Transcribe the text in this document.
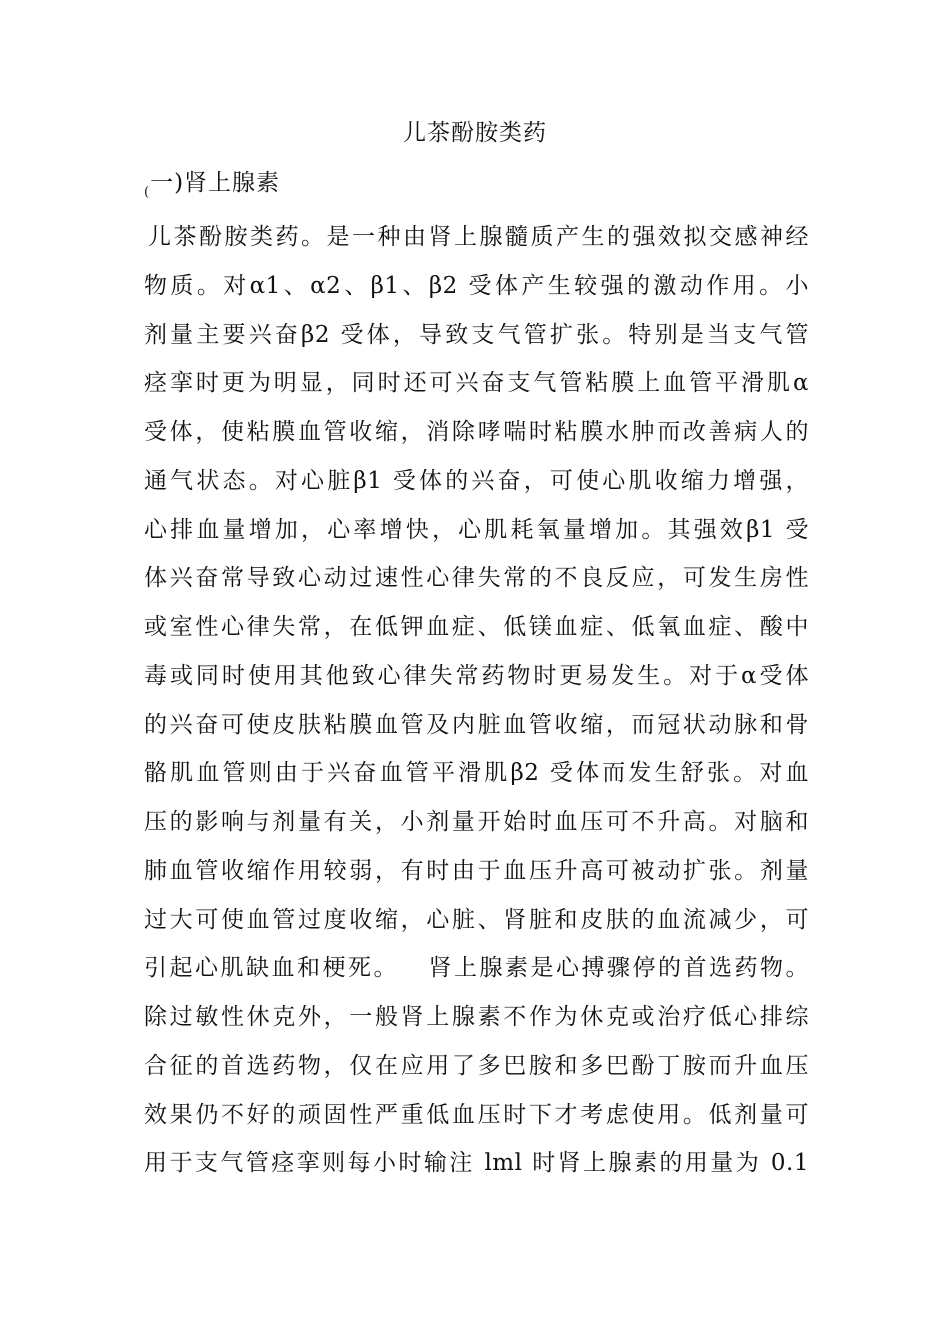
儿茶酚胺类药
$_($一)肾上腺素
儿茶酚胺类药。是一种由肾上腺髓质产生的强效拟交感神经
物质。对α1、α2、β1、β2 受体产生较强的激动作用。小
剂量主要兴奋β2 受体，导致支气管扩张。特别是当支气管
痉挛时更为明显，同时还可兴奋支气管粘膜上血管平滑肌α
受体，使粘膜血管收缩，消除哮喘时粘膜水肿而改善病人的
通气状态。对心脏β1 受体的兴奋，可使心肌收缩力增强，
心排血量增加，心率增快，心肌耗氧量增加。其强效β1 受
体兴奋常导致心动过速性心律失常的不良反应，可发生房性
或室性心律失常，在低钾血症、低镁血症、低氧血症、酸中
毒或同时使用其他致心律失常药物时更易发生。对于α受体
的兴奋可使皮肤粘膜血管及内脏血管收缩，而冠状动脉和骨
骼肌血管则由于兴奋血管平滑肌β2 受体而发生舒张。对血
压的影响与剂量有关，小剂量开始时血压可不升高。对脑和
肺血管收缩作用较弱，有时由于血压升高可被动扩张。剂量
过大可使血管过度收缩，心脏、肾脏和皮肤的血流减少，可
引起心肌缺血和梗死。   肾上腺素是心搏骤停的首选药物。
除过敏性休克外，一般肾上腺素不作为休克或治疗低心排综
合征的首选药物，仅在应用了多巴胺和多巴酚丁胺而升血压
效果仍不好的顽固性严重低血压时下才考虑使用。低剂量可
用于支气管痉挛则每小时输注 lml 时肾上腺素的用量为 0.1
